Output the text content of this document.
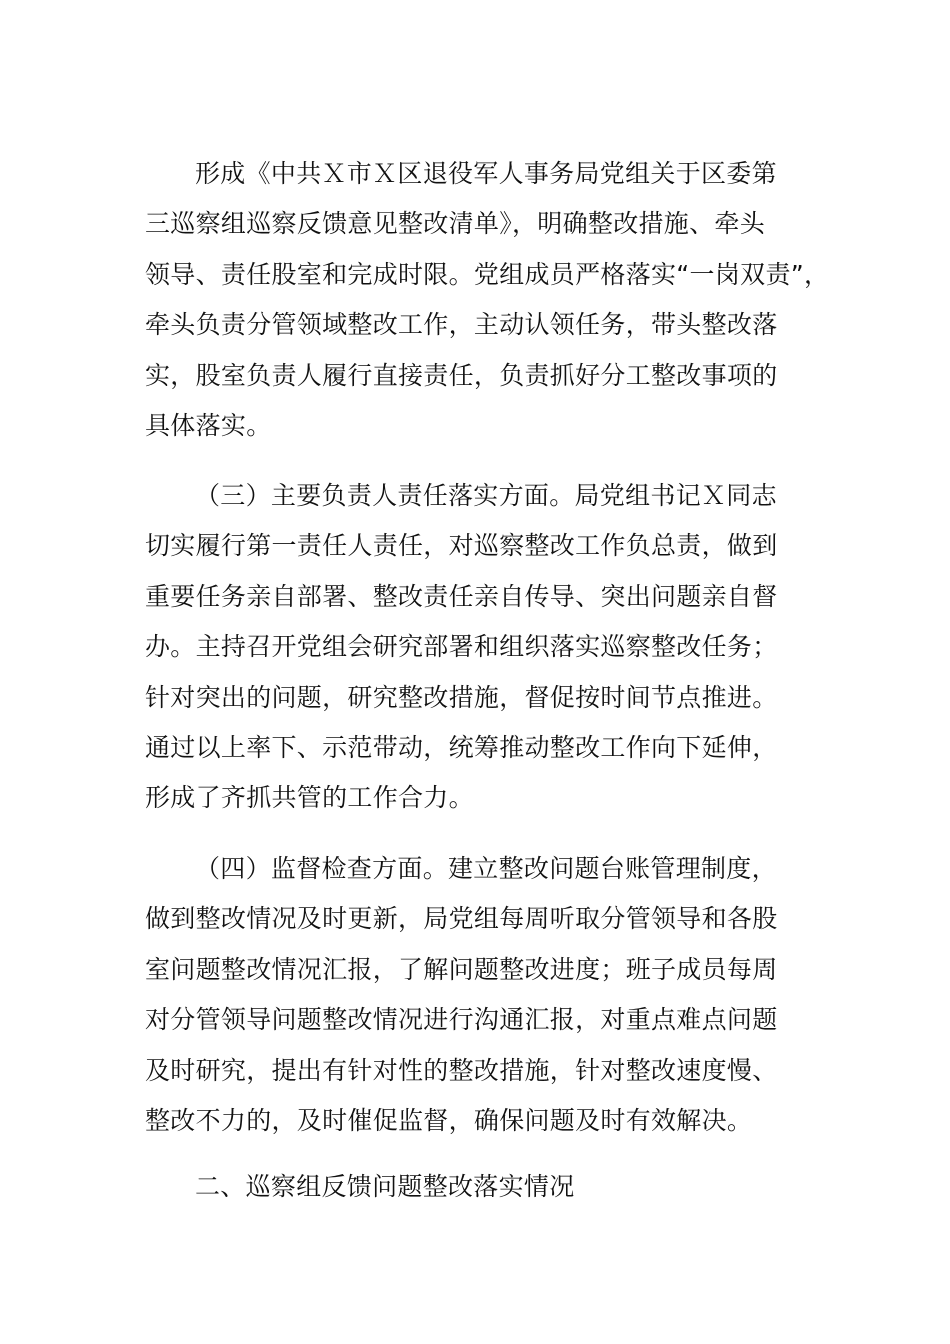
形成《中共Ｘ市Ｘ区退役军人事务局党组关于区委第
三巡察组巡察反馈意见整改清单》，明确整改措施、牵头
领导、责任股室和完成时限。党组成员严格落实“一岗双责”，
牵头负责分管领域整改工作，主动认领任务，带头整改落
实，股室负责人履行直接责任，负责抓好分工整改事项的
具体落实。
（三）主要负责人责任落实方面。局党组书记Ｘ同志
切实履行第一责任人责任，对巡察整改工作负总责，做到
重要任务亲自部署、整改责任亲自传导、突出问题亲自督
办。主持召开党组会研究部署和组织落实巡察整改任务；
针对突出的问题，研究整改措施，督促按时间节点推进。
通过以上率下、示范带动，统筹推动整改工作向下延伸，
形成了齐抓共管的工作合力。
（四）监督检查方面。建立整改问题台账管理制度，
做到整改情况及时更新，局党组每周听取分管领导和各股
室问题整改情况汇报，了解问题整改进度；班子成员每周
对分管领导问题整改情况进行沟通汇报，对重点难点问题
及时研究，提出有针对性的整改措施，针对整改速度慢、
整改不力的，及时催促监督，确保问题及时有效解决。
二、巡察组反馈问题整改落实情况
